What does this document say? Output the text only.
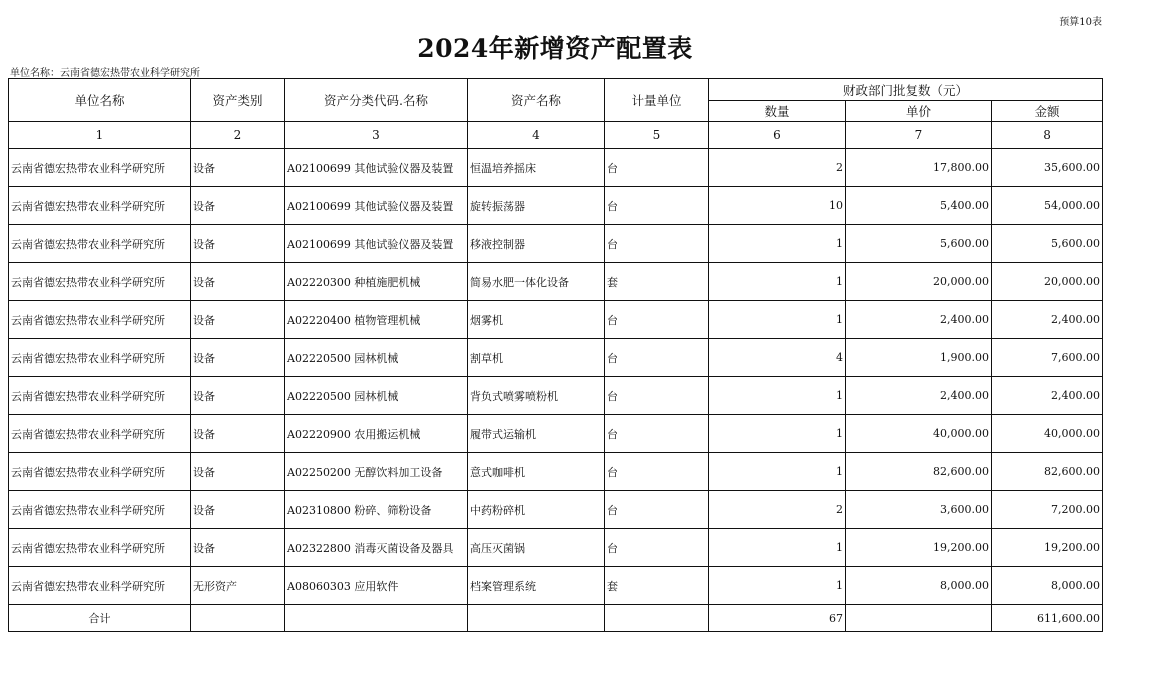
预算10表
2024年新增资产配置表
单位名称：云南省德宏热带农业科学研究所
单位名称	资产类别	资产分类代码.名称	资产名称	计量单位	财政部门批复数（元）		
					数量	单价	金额
1	2	3	4	5	6	7	8
云南省德宏热带农业科学研究所	设备	A02100699 其他试验仪器及装置	恒温培养摇床	台	2	17,800.00	35,600.00
云南省德宏热带农业科学研究所	设备	A02100699 其他试验仪器及装置	旋转振荡器	台	10	5,400.00	54,000.00
云南省德宏热带农业科学研究所	设备	A02100699 其他试验仪器及装置	移液控制器	台	1	5,600.00	5,600.00
云南省德宏热带农业科学研究所	设备	A02220300 种植施肥机械	简易水肥一体化设备	套	1	20,000.00	20,000.00
云南省德宏热带农业科学研究所	设备	A02220400 植物管理机械	烟雾机	台	1	2,400.00	2,400.00
云南省德宏热带农业科学研究所	设备	A02220500 园林机械	割草机	台	4	1,900.00	7,600.00
云南省德宏热带农业科学研究所	设备	A02220500 园林机械	背负式喷雾喷粉机	台	1	2,400.00	2,400.00
云南省德宏热带农业科学研究所	设备	A02220900 农用搬运机械	履带式运输机	台	1	40,000.00	40,000.00
云南省德宏热带农业科学研究所	设备	A02250200 无醇饮料加工设备	意式咖啡机	台	1	82,600.00	82,600.00
云南省德宏热带农业科学研究所	设备	A02310800 粉碎、筛粉设备	中药粉碎机	台	2	3,600.00	7,200.00
云南省德宏热带农业科学研究所	设备	A02322800 消毒灭菌设备及器具	高压灭菌锅	台	1	19,200.00	19,200.00
云南省德宏热带农业科学研究所	无形资产	A08060303 应用软件	档案管理系统	套	1	8,000.00	8,000.00
合计					67		611,600.00
